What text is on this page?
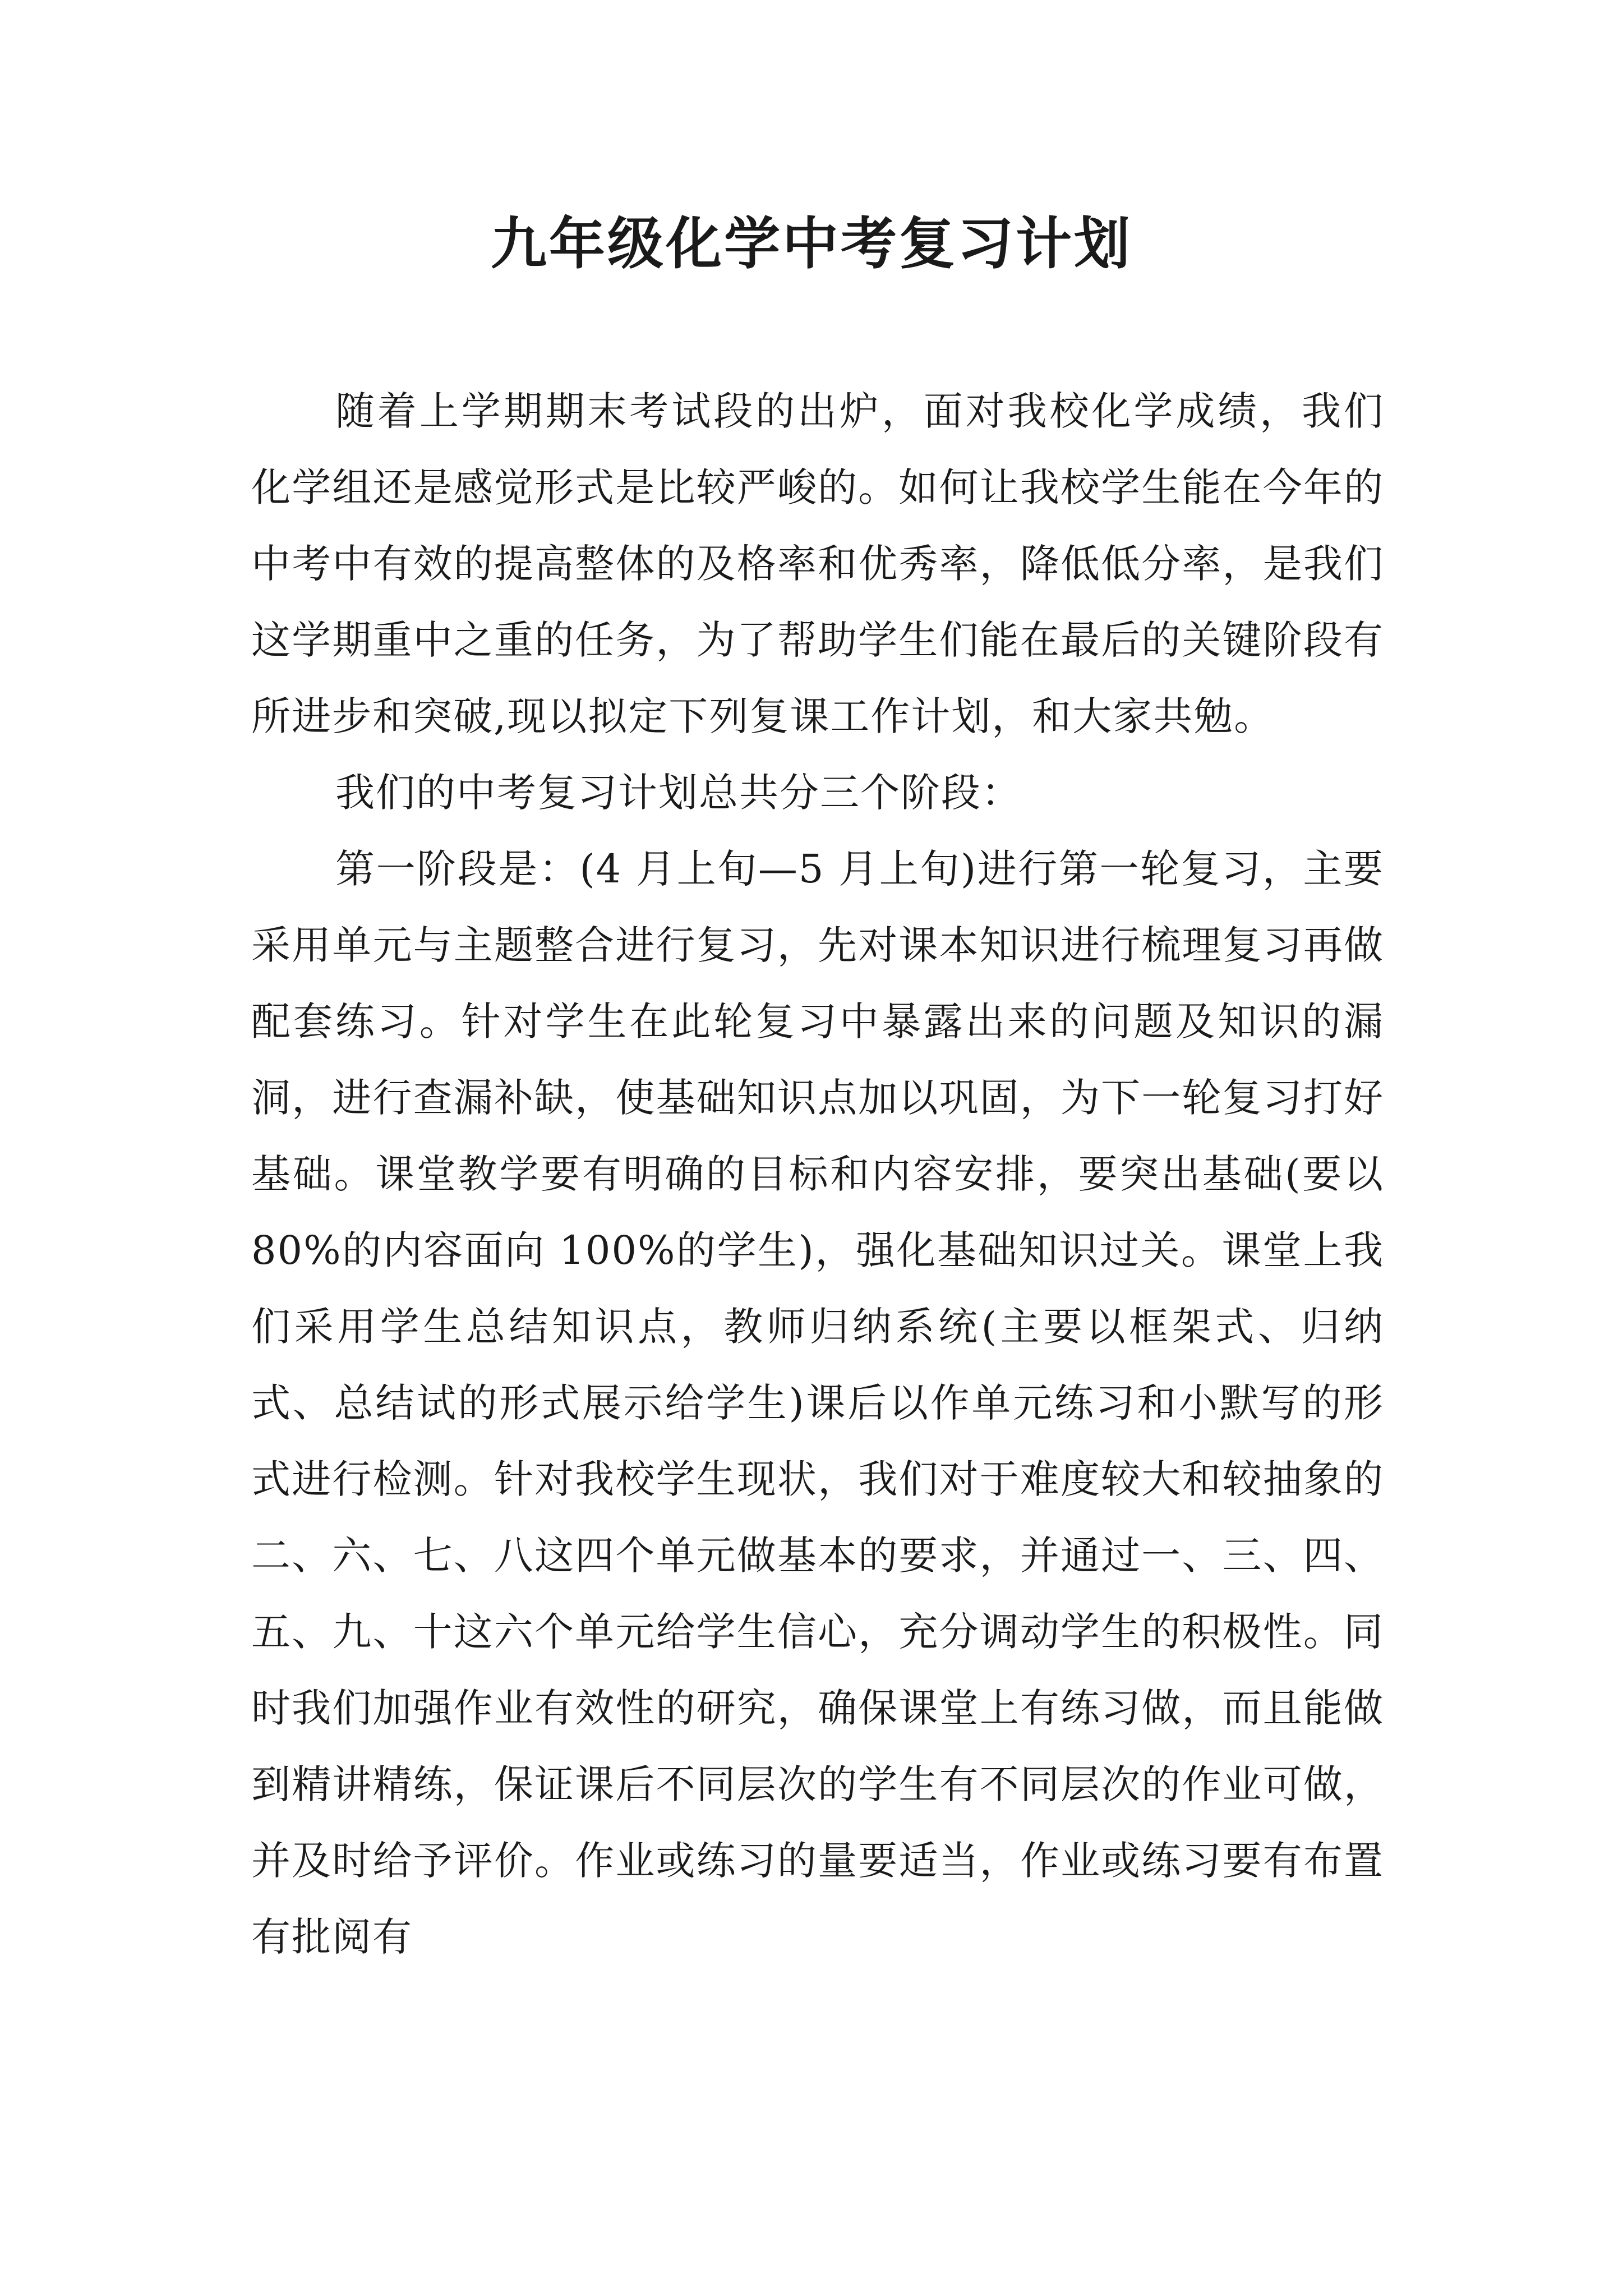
九年级化学中考复习计划

随着上学期期末考试段的出炉，面对我校化学成绩，我们化学组还是感觉形式是比较严峻的。如何让我校学生能在今年的中考中有效的提高整体的及格率和优秀率，降低低分率，是我们这学期重中之重的任务，为了帮助学生们能在最后的关键阶段有所进步和突破,现以拟定下列复课工作计划，和大家共勉。

我们的中考复习计划总共分三个阶段：

第一阶段是：(4 月上旬—5 月上旬)进行第一轮复习，主要采用单元与主题整合进行复习，先对课本知识进行梳理复习再做配套练习。针对学生在此轮复习中暴露出来的问题及知识的漏洞，进行查漏补缺，使基础知识点加以巩固，为下一轮复习打好基础。课堂教学要有明确的目标和内容安排，要突出基础(要以 80%的内容面向 100%的学生)，强化基础知识过关。课堂上我们采用学生总结知识点，教师归纳系统(主要以框架式、归纳式、总结试的形式展示给学生)课后以作单元练习和小默写的形式进行检测。针对我校学生现状，我们对于难度较大和较抽象的二、六、七、八这四个单元做基本的要求，并通过一、三、四、五、九、十这六个单元给学生信心，充分调动学生的积极性。同时我们加强作业有效性的研究，确保课堂上有练习做，而且能做到精讲精练，保证课后不同层次的学生有不同层次的作业可做，并及时给予评价。作业或练习的量要适当，作业或练习要有布置有批阅有
